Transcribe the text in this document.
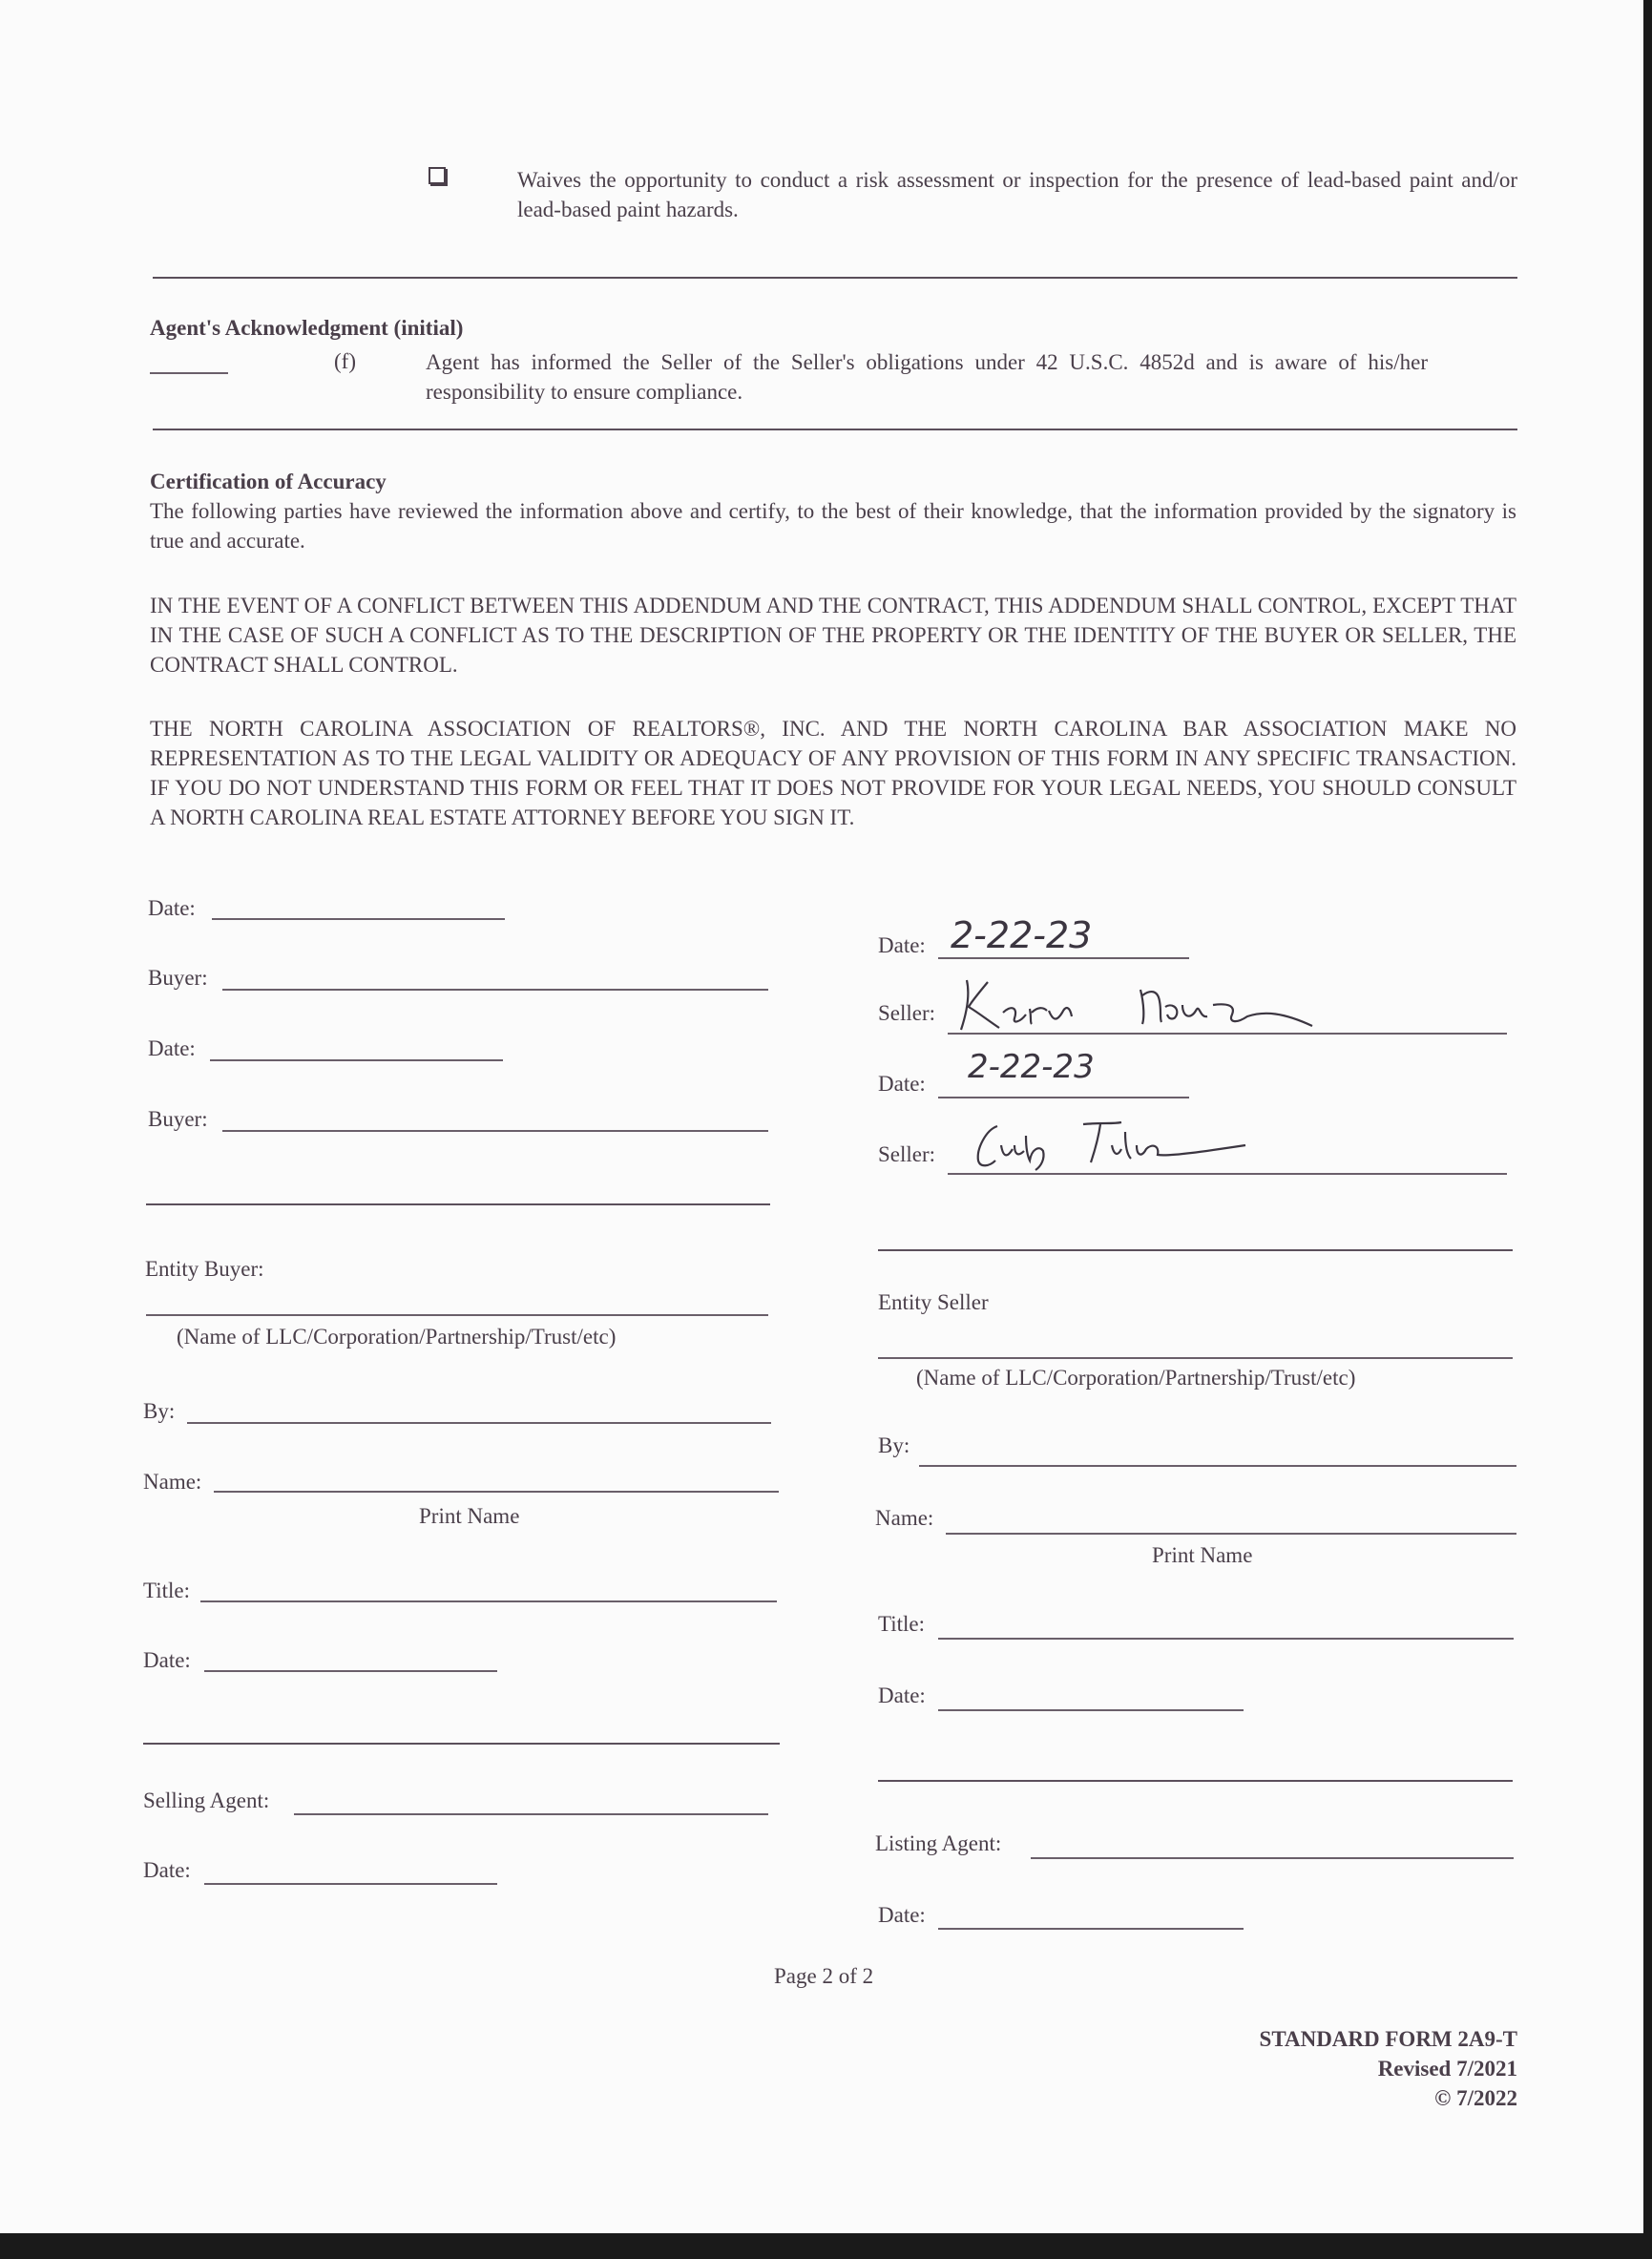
Waives the opportunity to conduct a risk assessment or inspection for the presence of lead-based paint and/or lead-based paint hazards.
Agent's Acknowledgment (initial)
(f)	Agent has informed the Seller of the Seller's obligations under 42 U.S.C. 4852d and is aware of his/her responsibility to ensure compliance.
Certification of Accuracy
The following parties have reviewed the information above and certify, to the best of their knowledge, that the information provided by the signatory is true and accurate.
IN THE EVENT OF A CONFLICT BETWEEN THIS ADDENDUM AND THE CONTRACT, THIS ADDENDUM SHALL CONTROL, EXCEPT THAT IN THE CASE OF SUCH A CONFLICT AS TO THE DESCRIPTION OF THE PROPERTY OR THE IDENTITY OF THE BUYER OR SELLER, THE CONTRACT SHALL CONTROL.
THE NORTH CAROLINA ASSOCIATION OF REALTORS®, INC. AND THE NORTH CAROLINA BAR ASSOCIATION MAKE NO REPRESENTATION AS TO THE LEGAL VALIDITY OR ADEQUACY OF ANY PROVISION OF THIS FORM IN ANY SPECIFIC TRANSACTION. IF YOU DO NOT UNDERSTAND THIS FORM OR FEEL THAT IT DOES NOT PROVIDE FOR YOUR LEGAL NEEDS, YOU SHOULD CONSULT A NORTH CAROLINA REAL ESTATE ATTORNEY BEFORE YOU SIGN IT.
Date:
Buyer:
Date:
Buyer:
Entity Buyer:
(Name of LLC/Corporation/Partnership/Trust/etc)
By:
Name:
Print Name
Title:
Date:
Selling Agent:
Date:
Date: 2-22-23
Seller:
Date: 2-22-23
Seller:
Entity Seller
(Name of LLC/Corporation/Partnership/Trust/etc)
By:
Name:
Print Name
Title:
Date:
Listing Agent:
Date:
Page 2 of 2
STANDARD FORM 2A9-T
Revised 7/2021
© 7/2022
